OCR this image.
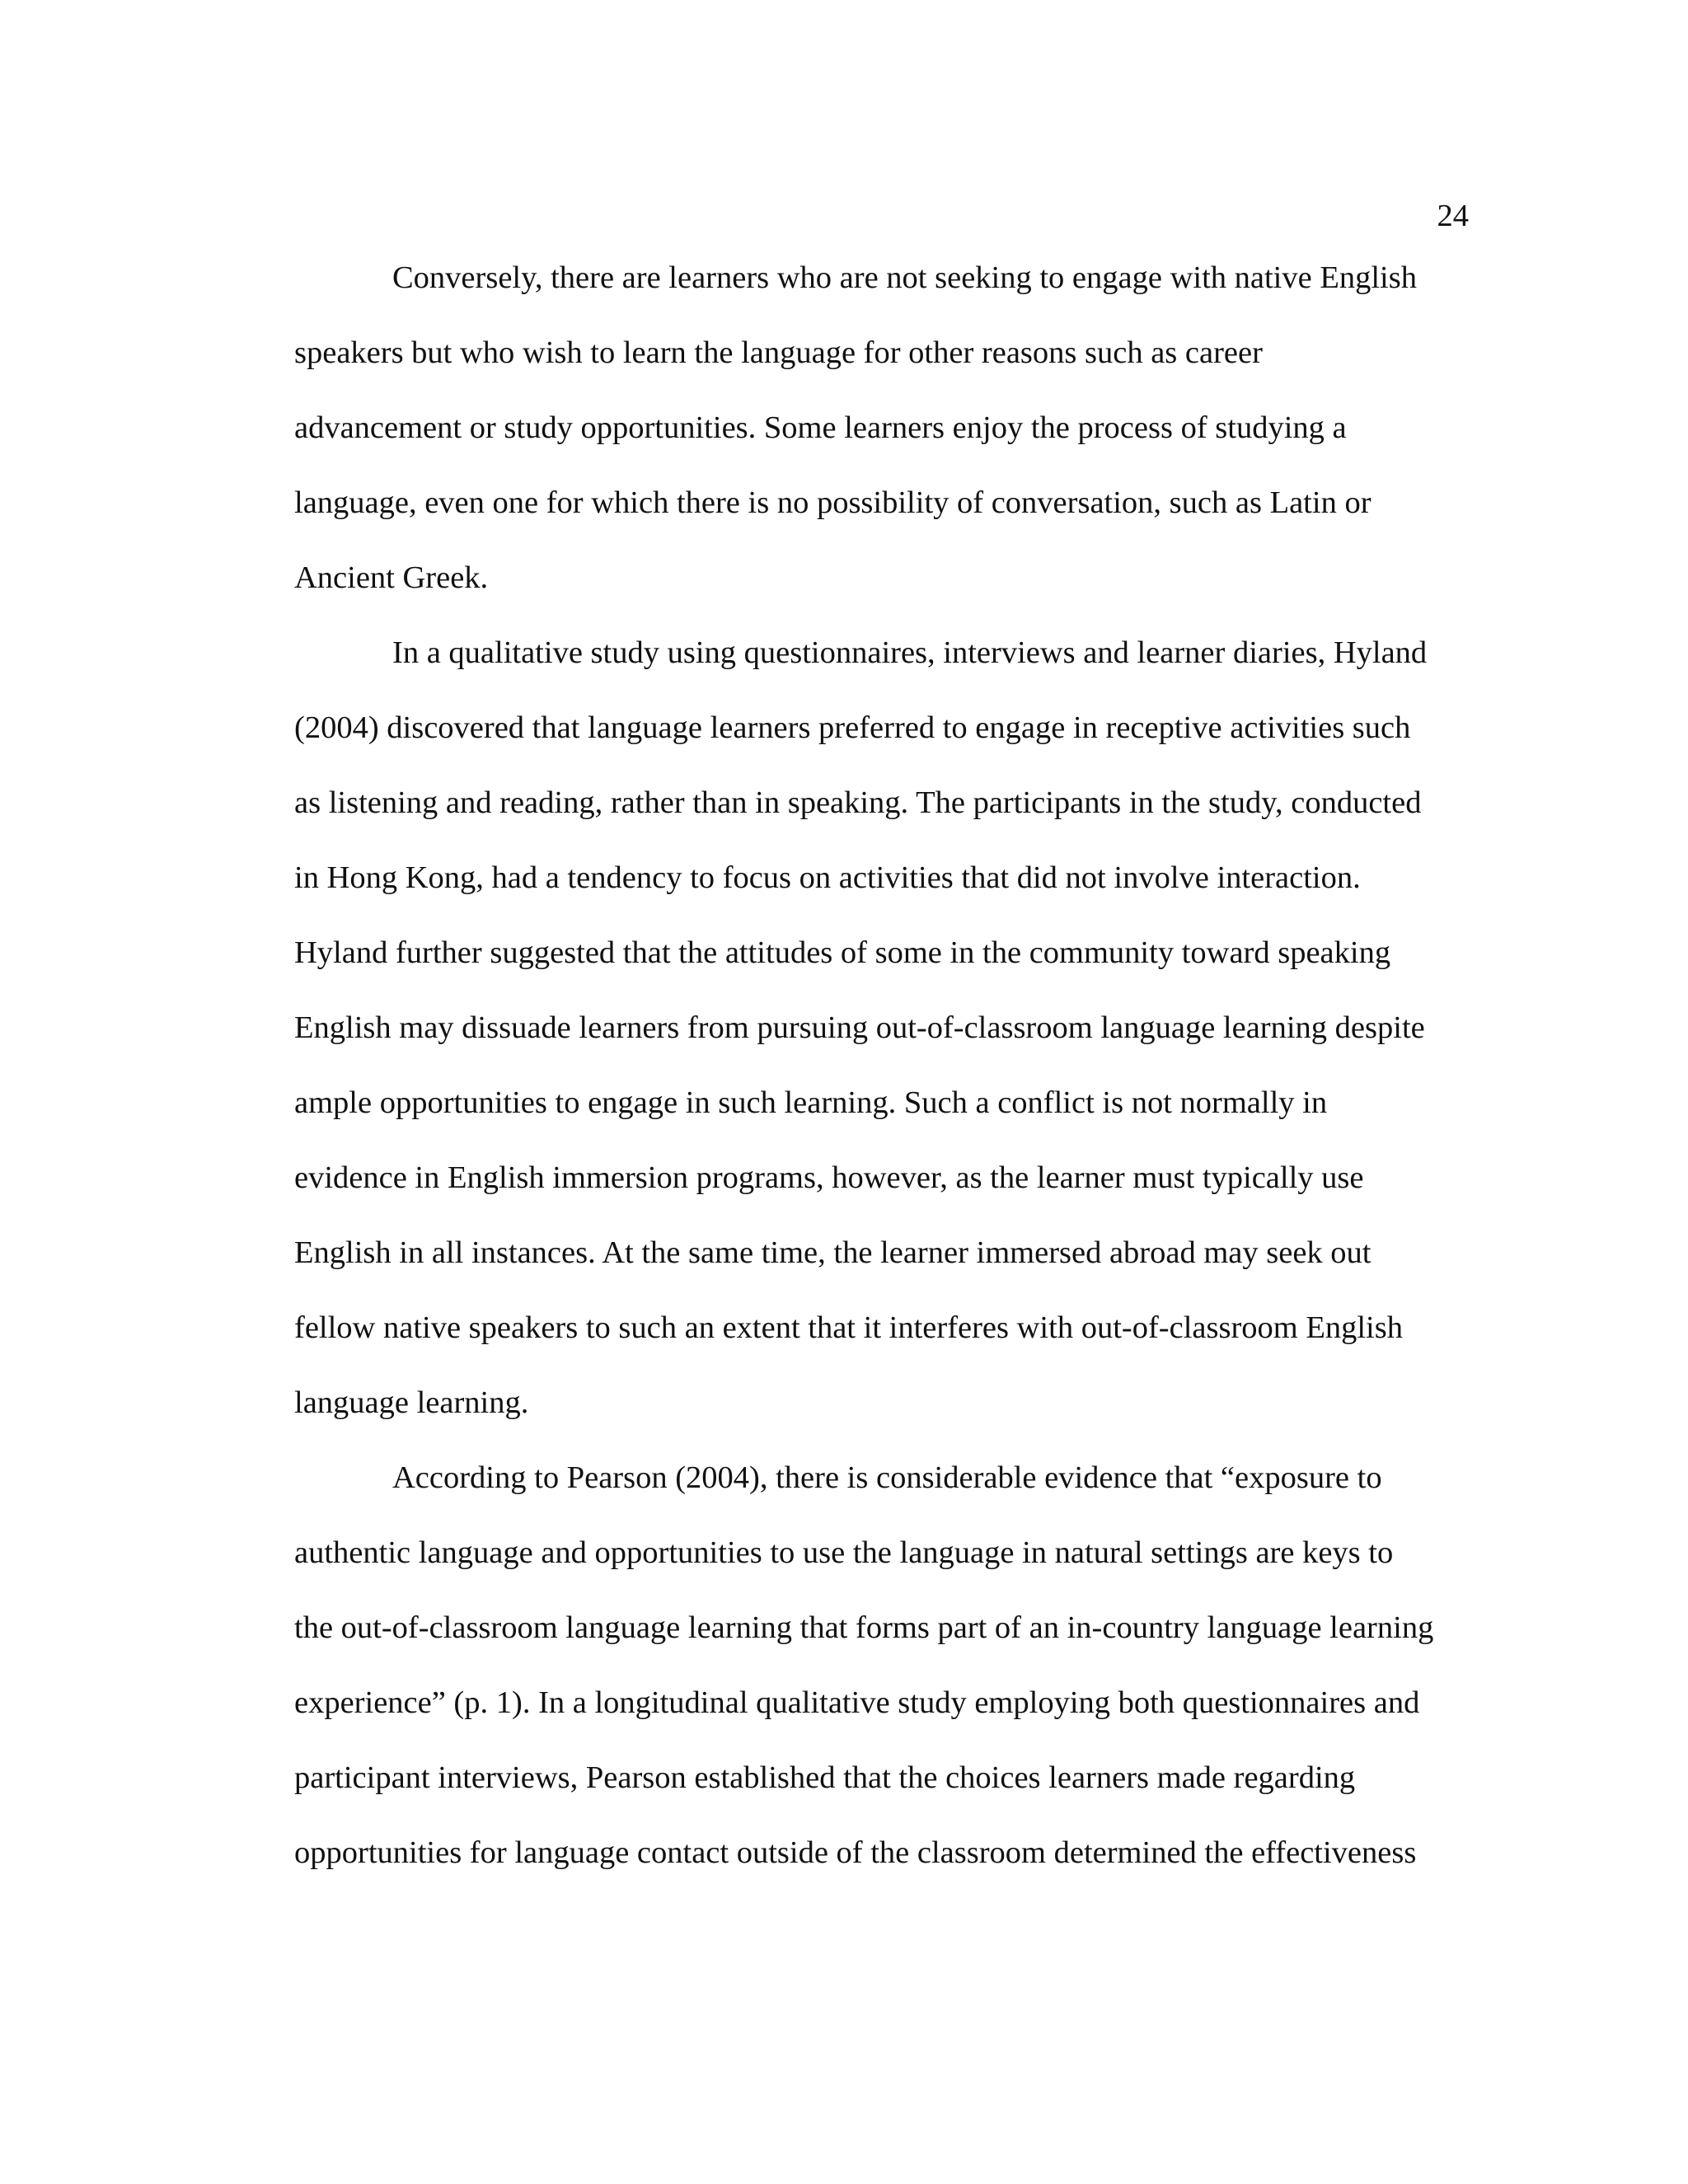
24
Conversely, there are learners who are not seeking to engage with native English
speakers but who wish to learn the language for other reasons such as career
advancement or study opportunities. Some learners enjoy the process of studying a
language, even one for which there is no possibility of conversation, such as Latin or
Ancient Greek.
In a qualitative study using questionnaires, interviews and learner diaries, Hyland
(2004) discovered that language learners preferred to engage in receptive activities such
as listening and reading, rather than in speaking. The participants in the study, conducted
in Hong Kong, had a tendency to focus on activities that did not involve interaction.
Hyland further suggested that the attitudes of some in the community toward speaking
English may dissuade learners from pursuing out-of-classroom language learning despite
ample opportunities to engage in such learning. Such a conflict is not normally in
evidence in English immersion programs, however, as the learner must typically use
English in all instances. At the same time, the learner immersed abroad may seek out
fellow native speakers to such an extent that it interferes with out-of-classroom English
language learning.
According to Pearson (2004), there is considerable evidence that “exposure to
authentic language and opportunities to use the language in natural settings are keys to
the out-of-classroom language learning that forms part of an in-country language learning
experience” (p. 1). In a longitudinal qualitative study employing both questionnaires and
participant interviews, Pearson established that the choices learners made regarding
opportunities for language contact outside of the classroom determined the effectiveness
